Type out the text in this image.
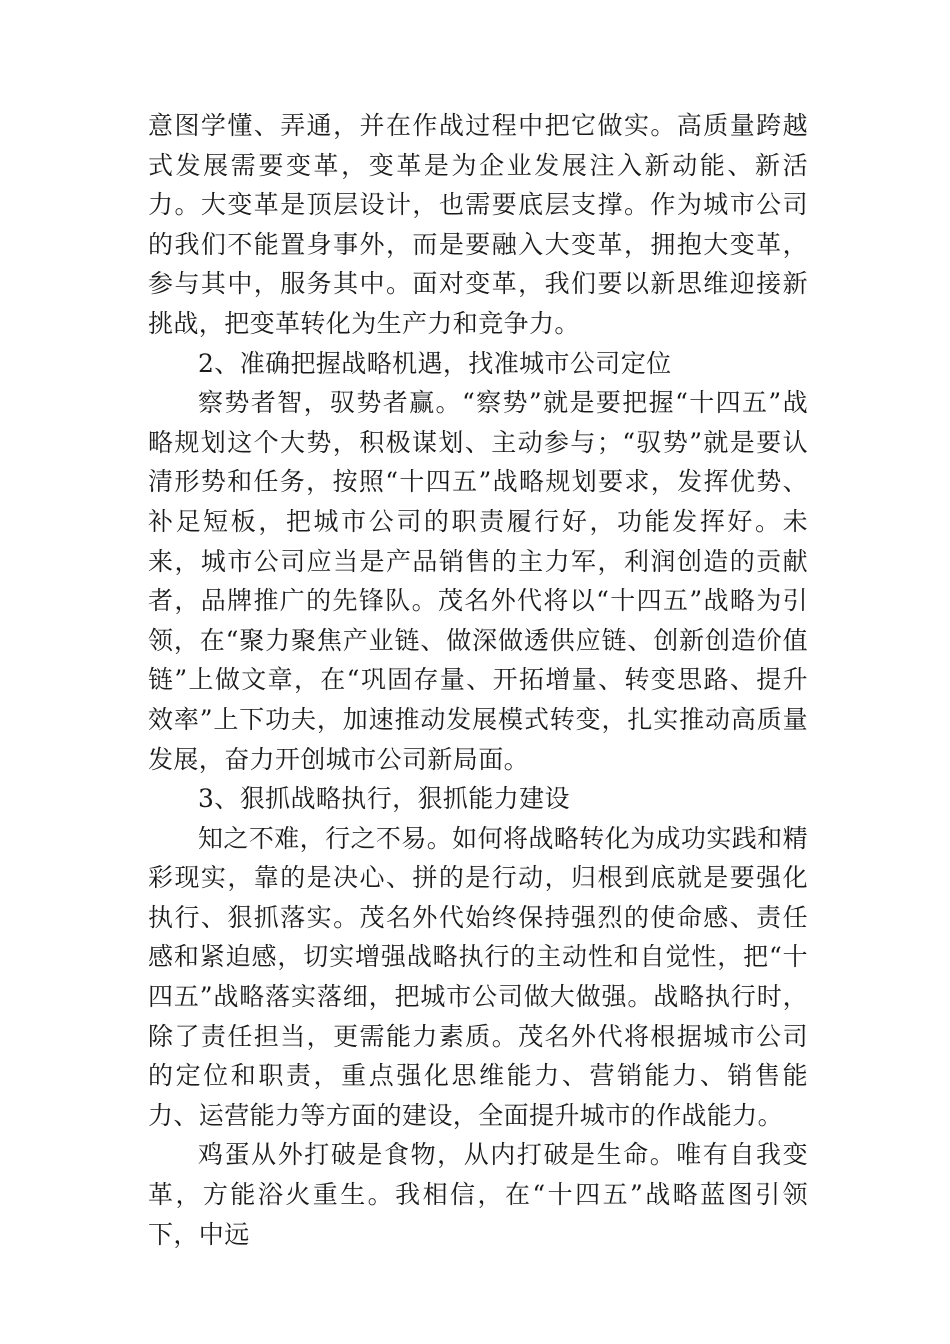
意图学懂、弄通，并在作战过程中把它做实。高质量跨越式发展需要变革，变革是为企业发展注入新动能、新活力。大变革是顶层设计，也需要底层支撑。作为城市公司的我们不能置身事外，而是要融入大变革，拥抱大变革，参与其中，服务其中。面对变革，我们要以新思维迎接新挑战，把变革转化为生产力和竞争力。

2、准确把握战略机遇，找准城市公司定位

察势者智，驭势者赢。“察势”就是要把握“十四五”战略规划这个大势，积极谋划、主动参与；“驭势”就是要认清形势和任务，按照“十四五”战略规划要求，发挥优势、补足短板，把城市公司的职责履行好，功能发挥好。未来，城市公司应当是产品销售的主力军，利润创造的贡献者，品牌推广的先锋队。茂名外代将以“十四五”战略为引领，在“聚力聚焦产业链、做深做透供应链、创新创造价值链”上做文章，在“巩固存量、开拓增量、转变思路、提升效率”上下功夫，加速推动发展模式转变，扎实推动高质量发展，奋力开创城市公司新局面。

3、狠抓战略执行，狠抓能力建设

知之不难，行之不易。如何将战略转化为成功实践和精彩现实，靠的是决心、拼的是行动，归根到底就是要强化执行、狠抓落实。茂名外代始终保持强烈的使命感、责任感和紧迫感，切实增强战略执行的主动性和自觉性，把“十四五”战略落实落细，把城市公司做大做强。战略执行时，除了责任担当，更需能力素质。茂名外代将根据城市公司的定位和职责，重点强化思维能力、营销能力、销售能力、运营能力等方面的建设，全面提升城市的作战能力。

鸡蛋从外打破是食物，从内打破是生命。唯有自我变革，方能浴火重生。我相信，在“十四五”战略蓝图引领下，中远
